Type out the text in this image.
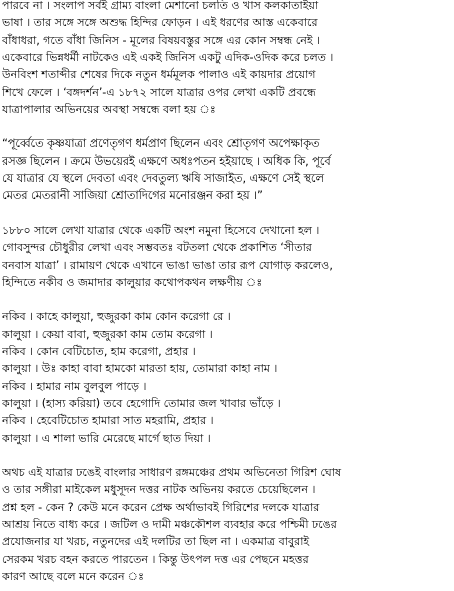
পারবে না । সংলাপ সর্বই গ্রাম্য বাংলা মেশানো চলতি ও খাস কলকাতাইয়া
ভাষা । তার সঙ্গে সঙ্গে অশুদ্ধ হিন্দির ফোড়ন । এই ধরণের আস্ত একেবারে
বাঁধাধরা, গতে বাঁধা জিনিস - মূলের বিষয়বস্তুর সঙ্গে এর কোন সম্বন্ধ নেই ।
একেবারে ভিন্নধর্মী নাটকেও এই একই জিনিস একটু এদিক-ওদিক করে চলত ।
উনবিংশ শতাব্দীর শেষের দিকে নতুন ধর্মমূলক পালাও এই কায়দার প্রয়োগ
শিখে ফেলে । ‘বঙ্গদর্শন’-এ ১৮৭২ সালে যাত্রার ওপর লেখা একটি প্রবন্ধে
যাত্রাপালার অভিনয়ের অবস্থা সম্বন্ধে বলা হয় ঃ
“পূর্ব্বেতে কৃষ্ণযাত্রা প্রণেতৃগণ ধর্মপ্রাণ ছিলেন এবং শ্রোতৃগণ অপেক্ষাকৃত
রসজ্ঞ ছিলেন । ক্রমে উভয়েরই এক্ষণে অধঃপতন হইয়াছে । অধিক কি, পূর্বে
যে যাত্রার যে স্থলে দেবতা এবং দেবতুল্য ঋষি সাজাইত, এক্ষণে সেই স্থলে
মেতর মেতরানী সাজিয়া শ্রোতাদিগের মনোরঞ্জন করা হয় ।”
১৮৮০ সালে লেখা যাত্রার থেকে একটি অংশ নমুনা হিসেবে দেখানো হল ।
গোবসুন্দর চৌধুরীর লেখা এবং সম্ভবতঃ বটতলা থেকে প্রকাশিত ‘সীতার
বনবাস যাত্রা’ । রামায়ণ থেকে এখানে ভাঙা ভাঙা তার রূপ যোগাড় করলেও,
হিন্দিতে নকীব ও জমাদার কালুয়ার কথোপকথন লক্ষণীয় ঃ
নকিব । কাহে কালুয়া, হুজুরকা কাম কোন করেগা রে ।
কালুয়া । কেয়া বাবা, হুজুরকা কাম তোম করেগা ।
নকিব । কোন বেটিচোত, হাম করেগা, প্রহার ।
কালুয়া । উঃ কাহা বাবা হামকো মারতা হায়, তোমারা কাহা নাম ।
নকিব । হামার নাম বুলবুল পাড়ে ।
কালুয়া । (হাস্য করিয়া) তবে হেগোদি তোমার জল খাবার ভাঁড়ে ।
নকিব । হেবেটিচোত হামারা সাত মহরামি, প্রহার ।
কালুয়া । এ শালা ভারি মেরেছে মার্গে ছাত দিয়া ।
অথচ এই যাত্রার ঢঙেই বাংলার সাধারণ রঙ্গমঞ্চের প্রথম অভিনেতা গিরিশ ঘোষ
ও তার সঙ্গীরা মাইকেল মধুসূদন দত্তর নাটক অভিনয় করতে চেয়েছিলেন ।
প্রশ্ন হল - কেন ? কেউ মনে করেন প্রেক্ষ অর্থাভাবই গিরিশের দলকে যাত্রার
আশ্রয় নিতে বাধ্য করে । জটিল ও দামী মঞ্চকৌশল ব্যবহার করে পশ্চিমী ঢঙের
প্রযোজনার যা খরচ, নতুনদের এই দলটির তা ছিল না । একমাত্র বাবুরাই
সেরকম খরচ বহন করতে পারতেন । কিন্তু উৎপল দত্ত এর পেছনে মহত্তর
কারণ আছে বলে মনে করেন ঃ
